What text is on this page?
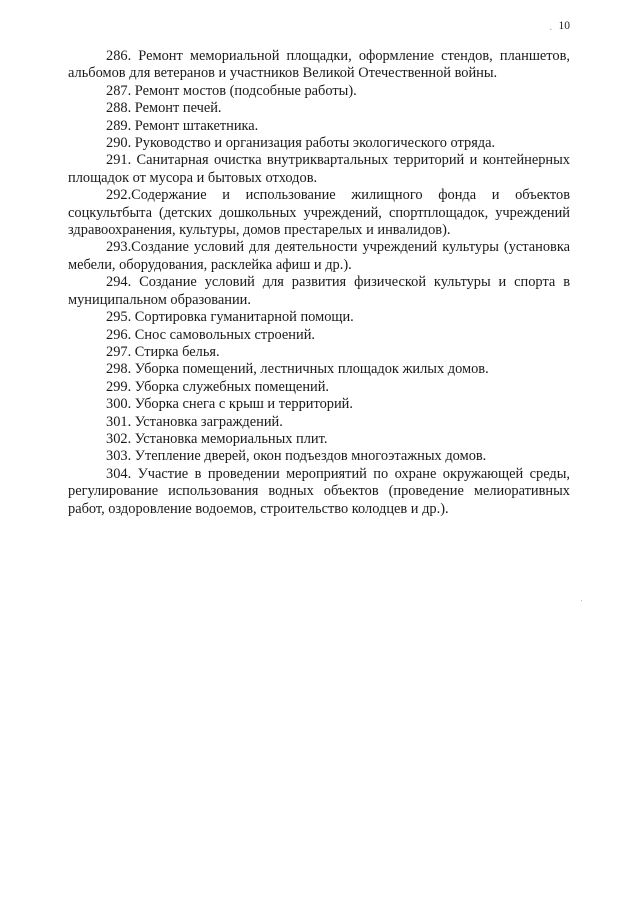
. 10

286. Ремонт мемориальной площадки, оформление стендов, планшетов, альбомов для ветеранов и участников Великой Отечественной войны.

287. Ремонт мостов (подсобные работы).

288. Ремонт печей.

289. Ремонт штакетника.

290. Руководство и организация работы экологического отряда.

291. Санитарная очистка внутриквартальных территорий и контейнерных площадок от мусора и бытовых отходов.

292.Содержание и использование жилищного фонда и объектов соцкультбыта (детских дошкольных учреждений, спортплощадок, учреждений здравоохранения, культуры, домов престарелых и инвалидов).

293.Создание условий для деятельности учреждений культуры (установка мебели, оборудования, расклейка афиш и др.).

294. Создание условий для развития физической культуры и спорта в муниципальном образовании.

295. Сортировка гуманитарной помощи.

296. Снос самовольных строений.

297. Стирка белья.

298. Уборка помещений, лестничных площадок жилых домов.

299. Уборка служебных помещений.

300. Уборка снега с крыш и территорий.

301. Установка заграждений.

302. Установка мемориальных плит.

303. Утепление дверей, окон подъездов многоэтажных домов.

304. Участие в проведении мероприятий по охране окружающей среды, регулирование использования водных объектов (проведение мелиоративных работ, оздоровление водоемов, строительство колодцев и др.).
